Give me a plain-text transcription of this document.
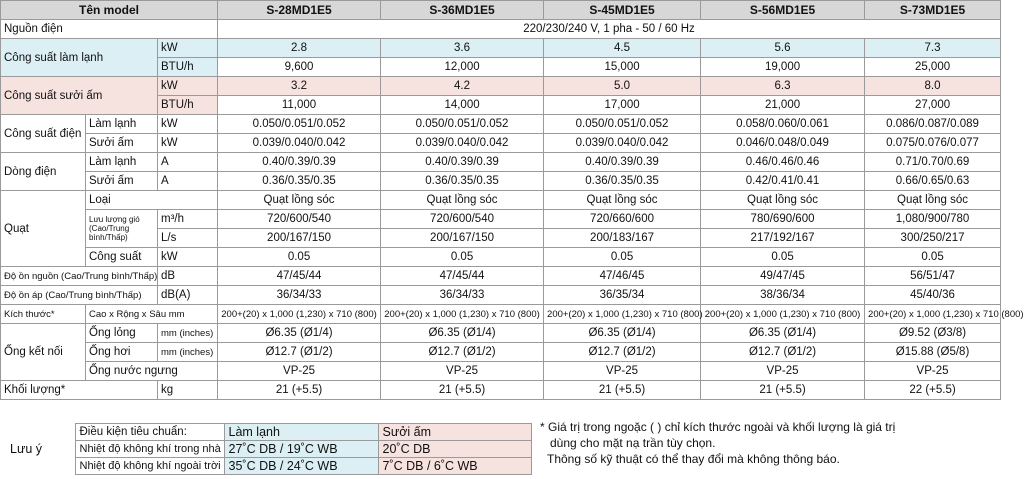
Tên model			S-28MD1E5	S-36MD1E5	S-45MD1E5	S-56MD1E5	S-73MD1E5
Nguồn điện			220/230/240 V, 1 pha - 50 / 60 Hz				
Công suất làm lạnh		kW	2.8	3.6	4.5	5.6	7.3
		BTU/h	9,600	12,000	15,000	19,000	25,000
Công suất sưởi ấm		kW	3.2	4.2	5.0	6.3	8.0
		BTU/h	11,000	14,000	17,000	21,000	27,000
Công suất điện	Làm lạnh	kW	0.050/0.051/0.052	0.050/0.051/0.052	0.050/0.051/0.052	0.058/0.060/0.061	0.086/0.087/0.089
	Sưởi ấm	kW	0.039/0.040/0.042	0.039/0.040/0.042	0.039/0.040/0.042	0.046/0.048/0.049	0.075/0.076/0.077
Dòng điện	Làm lạnh	A	0.40/0.39/0.39	0.40/0.39/0.39	0.40/0.39/0.39	0.46/0.46/0.46	0.71/0.70/0.69
	Sưởi ấm	A	0.36/0.35/0.35	0.36/0.35/0.35	0.36/0.35/0.35	0.42/0.41/0.41	0.66/0.65/0.63
Quạt	Loại		Quạt lồng sóc	Quạt lồng sóc	Quạt lồng sóc	Quạt lồng sóc	Quạt lồng sóc
	Lưu lượng gió (Cao/Trung bình/Thấp)	m³/h	720/600/540	720/600/540	720/660/600	780/690/600	1,080/900/780
		L/s	200/167/150	200/167/150	200/183/167	217/192/167	300/250/217
	Công suất	kW	0.05	0.05	0.05	0.05	0.05
Độ ồn nguồn (Cao/Trung bình/Thấp)		dB	47/45/44	47/45/44	47/46/45	49/47/45	56/51/47
Độ ồn áp (Cao/Trung bình/Thấp)		dB(A)	36/34/33	36/34/33	36/35/34	38/36/34	45/40/36
Kích thước*	Cao x Rộng x Sâu mm		200+(20) x 1,000 (1,230) x 710 (800)	200+(20) x 1,000 (1,230) x 710 (800)	200+(20) x 1,000 (1,230) x 710 (800)	200+(20) x 1,000 (1,230) x 710 (800)	200+(20) x 1,000 (1,230) x 710 (800)
Ống kết nối	Ống lỏng	mm (inches)	Ø6.35 (Ø1/4)	Ø6.35 (Ø1/4)	Ø6.35 (Ø1/4)	Ø6.35 (Ø1/4)	Ø9.52 (Ø3/8)
	Ống hơi	mm (inches)	Ø12.7 (Ø1/2)	Ø12.7 (Ø1/2)	Ø12.7 (Ø1/2)	Ø12.7 (Ø1/2)	Ø15.88 (Ø5/8)
	Ống nước ngưng		VP-25	VP-25	VP-25	VP-25	VP-25
Khối lượng*		kg	21 (+5.5)	21 (+5.5)	21 (+5.5)	21 (+5.5)	22 (+5.5)
Lưu ý	Điều kiện tiêu chuẩn:	Làm lạnh	Sưởi ấm
	Nhiệt độ không khí trong nhà	27˚C DB / 19˚C WB	20˚C DB
	Nhiệt độ không khí ngoài trời	35˚C DB / 24˚C WB	7˚C DB / 6˚C WB
* Giá trị trong ngoặc ( ) chỉ kích thước ngoài và khối lượng là giá trị
dùng cho mặt nạ trần tùy chọn.
Thông số kỹ thuật có thể thay đổi mà không thông báo.
